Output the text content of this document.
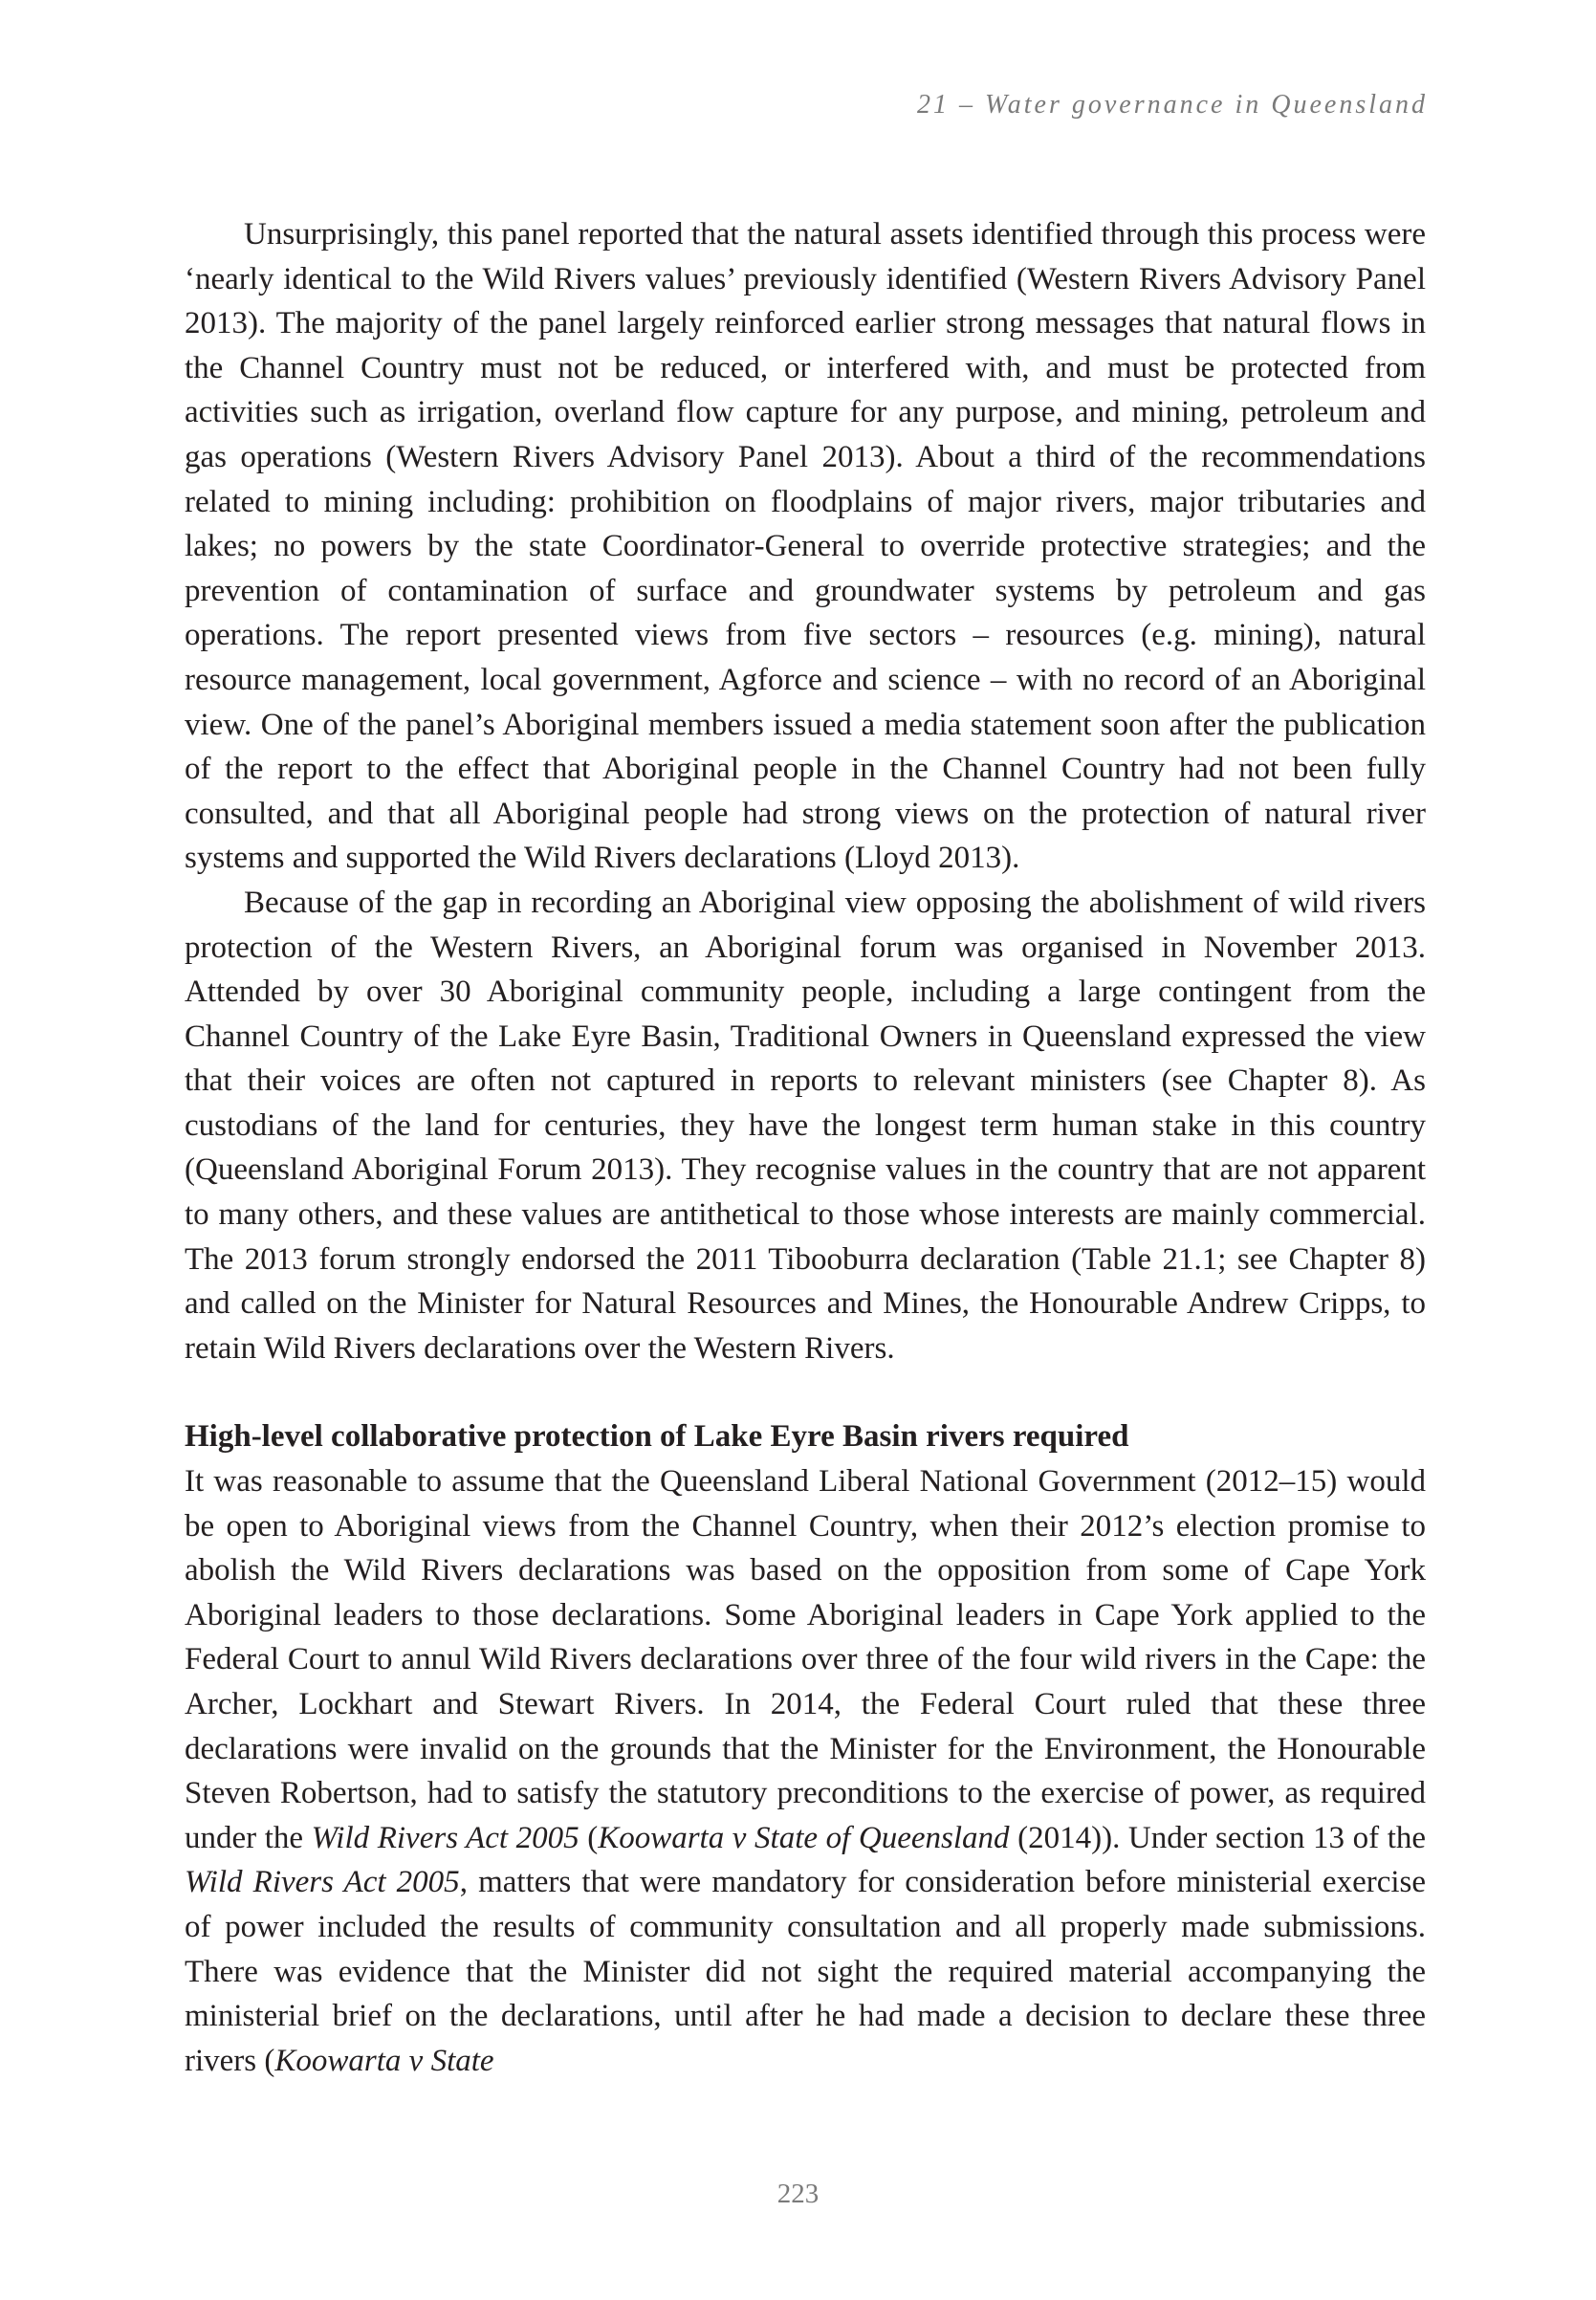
21 – Water governance in Queensland

Unsurprisingly, this panel reported that the natural assets identified through this process were ‘nearly identical to the Wild Rivers values’ previously identified (Western Rivers Advisory Panel 2013). The majority of the panel largely reinforced earlier strong messages that natural flows in the Channel Country must not be reduced, or interfered with, and must be protected from activities such as irrigation, overland flow capture for any purpose, and mining, petroleum and gas operations (Western Rivers Advisory Panel 2013). About a third of the recommendations related to mining including: prohibition on floodplains of major rivers, major tributaries and lakes; no powers by the state Coordinator-General to override protective strategies; and the prevention of contamination of surface and groundwater systems by petroleum and gas operations. The report presented views from five sectors – resources (e.g. mining), natural resource management, local government, Agforce and science – with no record of an Aboriginal view. One of the panel’s Aboriginal members issued a media statement soon after the publication of the report to the effect that Aboriginal people in the Channel Country had not been fully consulted, and that all Aboriginal people had strong views on the protection of natural river systems and supported the Wild Rivers declarations (Lloyd 2013).

Because of the gap in recording an Aboriginal view opposing the abolishment of wild rivers protection of the Western Rivers, an Aboriginal forum was organised in November 2013. Attended by over 30 Aboriginal community people, including a large contingent from the Channel Country of the Lake Eyre Basin, Traditional Owners in Queensland expressed the view that their voices are often not captured in reports to relevant ministers (see Chapter 8). As custodians of the land for centuries, they have the longest term human stake in this country (Queensland Aboriginal Forum 2013). They recognise values in the country that are not apparent to many others, and these values are antithetical to those whose interests are mainly commercial. The 2013 forum strongly endorsed the 2011 Tibooburra declaration (Table 21.1; see Chapter 8) and called on the Minister for Natural Resources and Mines, the Honourable Andrew Cripps, to retain Wild Rivers declarations over the Western Rivers.

High-level collaborative protection of Lake Eyre Basin rivers required

It was reasonable to assume that the Queensland Liberal National Government (2012–15) would be open to Aboriginal views from the Channel Country, when their 2012’s election promise to abolish the Wild Rivers declarations was based on the opposition from some of Cape York Aboriginal leaders to those declarations. Some Aboriginal leaders in Cape York applied to the Federal Court to annul Wild Rivers declarations over three of the four wild rivers in the Cape: the Archer, Lockhart and Stewart Rivers. In 2014, the Federal Court ruled that these three declarations were invalid on the grounds that the Minister for the Environment, the Honourable Steven Robertson, had to satisfy the statutory preconditions to the exercise of power, as required under the Wild Rivers Act 2005 (Koowarta v State of Queensland (2014)). Under section 13 of the Wild Rivers Act 2005, matters that were mandatory for consideration before ministerial exercise of power included the results of community consultation and all properly made submissions. There was evidence that the Minister did not sight the required material accompanying the ministerial brief on the declarations, until after he had made a decision to declare these three rivers (Koowarta v State

223
